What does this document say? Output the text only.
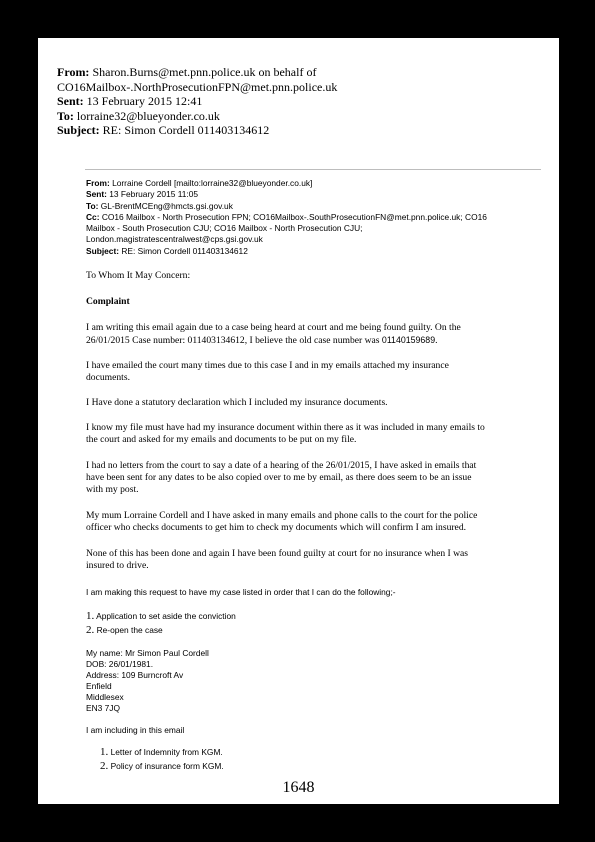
From: Sharon.Burns@met.pnn.police.uk on behalf of
CO16Mailbox-.NorthProsecutionFPN@met.pnn.police.uk
Sent: 13 February 2015 12:41
To: lorraine32@blueyonder.co.uk
Subject: RE: Simon Cordell 011403134612
From: Lorraine Cordell [mailto:lorraine32@blueyonder.co.uk]
Sent: 13 February 2015 11:05
To: GL-BrentMCEng@hmcts.gsi.gov.uk
Cc: CO16 Mailbox - North Prosecution FPN; CO16Mailbox-.SouthProsecutionFN@met.pnn.police.uk; CO16
Mailbox - South Prosecution CJU; CO16 Mailbox - North Prosecution CJU;
London.magistratescentralwest@cps.gsi.gov.uk
Subject: RE: Simon Cordell 011403134612
To Whom It May Concern:
Complaint
I am writing this email again due to a case being heard at court and me being found guilty. On the
26/01/2015 Case number: 011403134612, I believe the old case number was 01140159689.
I have emailed the court many times due to this case I and in my emails attached my insurance
documents.
I Have done a statutory declaration which I included my insurance documents.
I know my file must have had my insurance document within there as it was included in many emails to
the court and asked for my emails and documents to be put on my file.
I had no letters from the court to say a date of a hearing of the 26/01/2015, I have asked in emails that
have been sent for any dates to be also copied over to me by email, as there does seem to be an issue
with my post.
My mum Lorraine Cordell and I have asked in many emails and phone calls to the court for the police
officer who checks documents to get him to check my documents which will confirm I am insured.
None of this has been done and again I have been found guilty at court for no insurance when I was
insured to drive.
I am making this request to have my case listed in order that I can do the following;-
1. Application to set aside the conviction
2. Re-open the case
My name: Mr Simon Paul Cordell
DOB: 26/01/1981.
Address: 109 Burncroft Av
Enfield
Middlesex
EN3 7JQ
I am including in this email
1. Letter of Indemnity from KGM.
2. Policy of insurance form KGM.
1648
